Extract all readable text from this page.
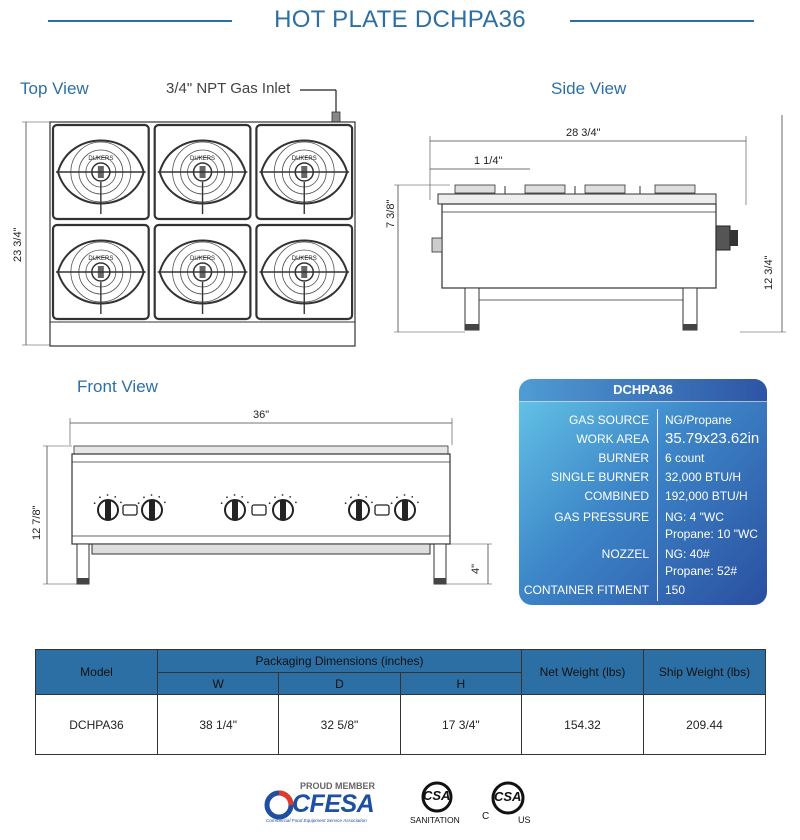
HOT PLATE DCHPA36
Top View	3/4" NPT Gas Inlet
DUKERS	DUKERS	DUKERS
DUKERS	DUKERS	DUKERS
23 3/4"
Side View
28 3/4"
1 1/4"
7 3/8"
12 3/4"
Front View
36"
12 7/8"
4"
DCHPA36
GAS SOURCE NG/Propane
WORK AREA 35.79x23.62in
BURNER 6 count
SINGLE BURNER 32,000 BTU/H
COMBINED 192,000 BTU/H
GAS PRESSURE NG: 4 "WC
Propane: 10 "WC
NOZZEL NG: 40#
Propane: 52#
CONTAINER FITMENT 150
Model	Packaging Dimensions (inches)			Net Weight (lbs)	Ship Weight (lbs)
	W	D	H		
DCHPA36	38 1/4"	32 5/8"	17 3/4"	154.32	209.44
PROUD MEMBER
CFESA
Commercial Food Equipment Service Association
CSA
SANITATION
CSA
C	US
